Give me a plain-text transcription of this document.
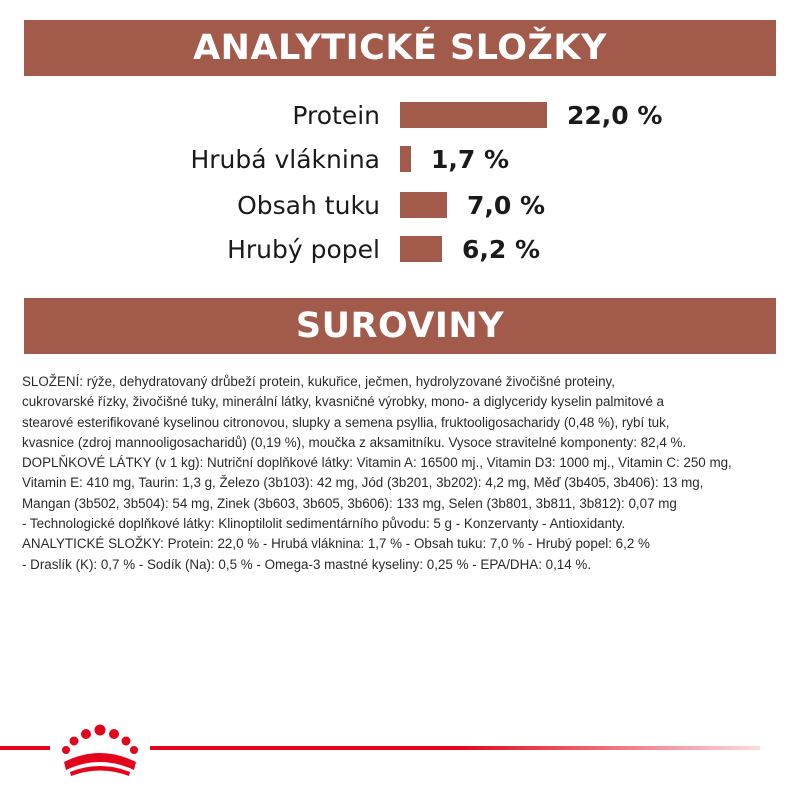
ANALYTICKÉ SLOŽKY
Protein	22,0 %
Hrubá vláknina 1,7 %
Obsah tuku	7,0 %
Hrubý popel	6,2 %
SUROVINY

SLOŽENÍ: rýže, dehydratovaný drůbeží protein, kukuřice, ječmen, hydrolyzované živočišné proteiny,

cukrovarské řízky, živočišné tuky, minerální látky, kvasničné výrobky, mono- a diglyceridy kyselin palmitové a

stearové esterifikované kyselinou citronovou, slupky a semena psyllia, fruktooligosacharidy (0,48 %), rybí tuk,

kvasnice (zdroj mannooligosacharidů) (0,19 %), moučka z aksamitníku. Vysoce stravitelné komponenty: 82,4 %.

DOPLŇKOVÉ LÁTKY (v 1 kg): Nutriční doplňkové látky: Vitamin A: 16500 mj., Vitamin D3: 1000 mj., Vitamin C: 250 mg,

Vitamin E: 410 mg, Taurin: 1,3 g, Železo (3b103): 42 mg, Jód (3b201, 3b202): 4,2 mg, Měď (3b405, 3b406): 13 mg,

Mangan (3b502, 3b504): 54 mg, Zinek (3b603, 3b605, 3b606): 133 mg, Selen (3b801, 3b811, 3b812): 0,07 mg

- Technologické doplňkové látky: Klinoptilolit sedimentárního původu: 5 g - Konzervanty - Antioxidanty.

ANALYTICKÉ SLOŽKY: Protein: 22,0 % - Hrubá vláknina: 1,7 % - Obsah tuku: 7,0 % - Hrubý popel: 6,2 %

- Draslík (K): 0,7 % - Sodík (Na): 0,5 % - Omega-3 mastné kyseliny: 0,25 % - EPA/DHA: 0,14 %.
